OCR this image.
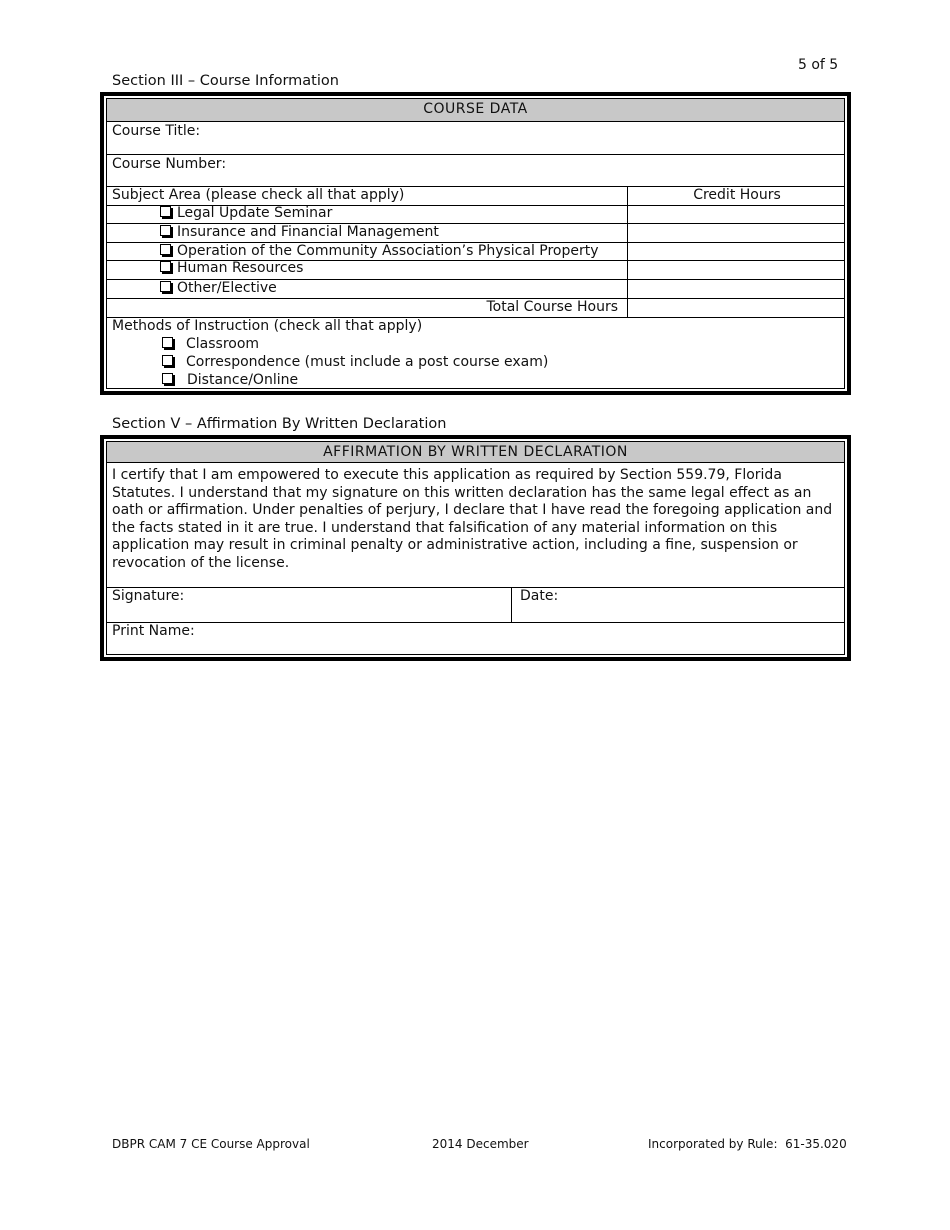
5 of 5
Section III – Course Information
COURSE DATA
Course Title:
Course Number:
Subject Area (please check all that apply)	Credit Hours
Legal Update Seminar
Insurance and Financial Management
Operation of the Community Association’s Physical Property
Human Resources
Other/Elective
Total Course Hours
Methods of Instruction (check all that apply)
Classroom
Correspondence (must include a post course exam)
Distance/Online
Section V – Affirmation By Written Declaration
AFFIRMATION BY WRITTEN DECLARATION
I certify that I am empowered to execute this application as required by Section 559.79, Florida Statutes. I understand that my signature on this written declaration has the same legal effect as an oath or affirmation. Under penalties of perjury, I declare that I have read the foregoing application and the facts stated in it are true. I understand that falsification of any material information on this application may result in criminal penalty or administrative action, including a fine, suspension or revocation of the license.
Signature:	Date:
Print Name:
DBPR CAM 7 CE Course Approval	2014 December	Incorporated by Rule:  61-35.020
